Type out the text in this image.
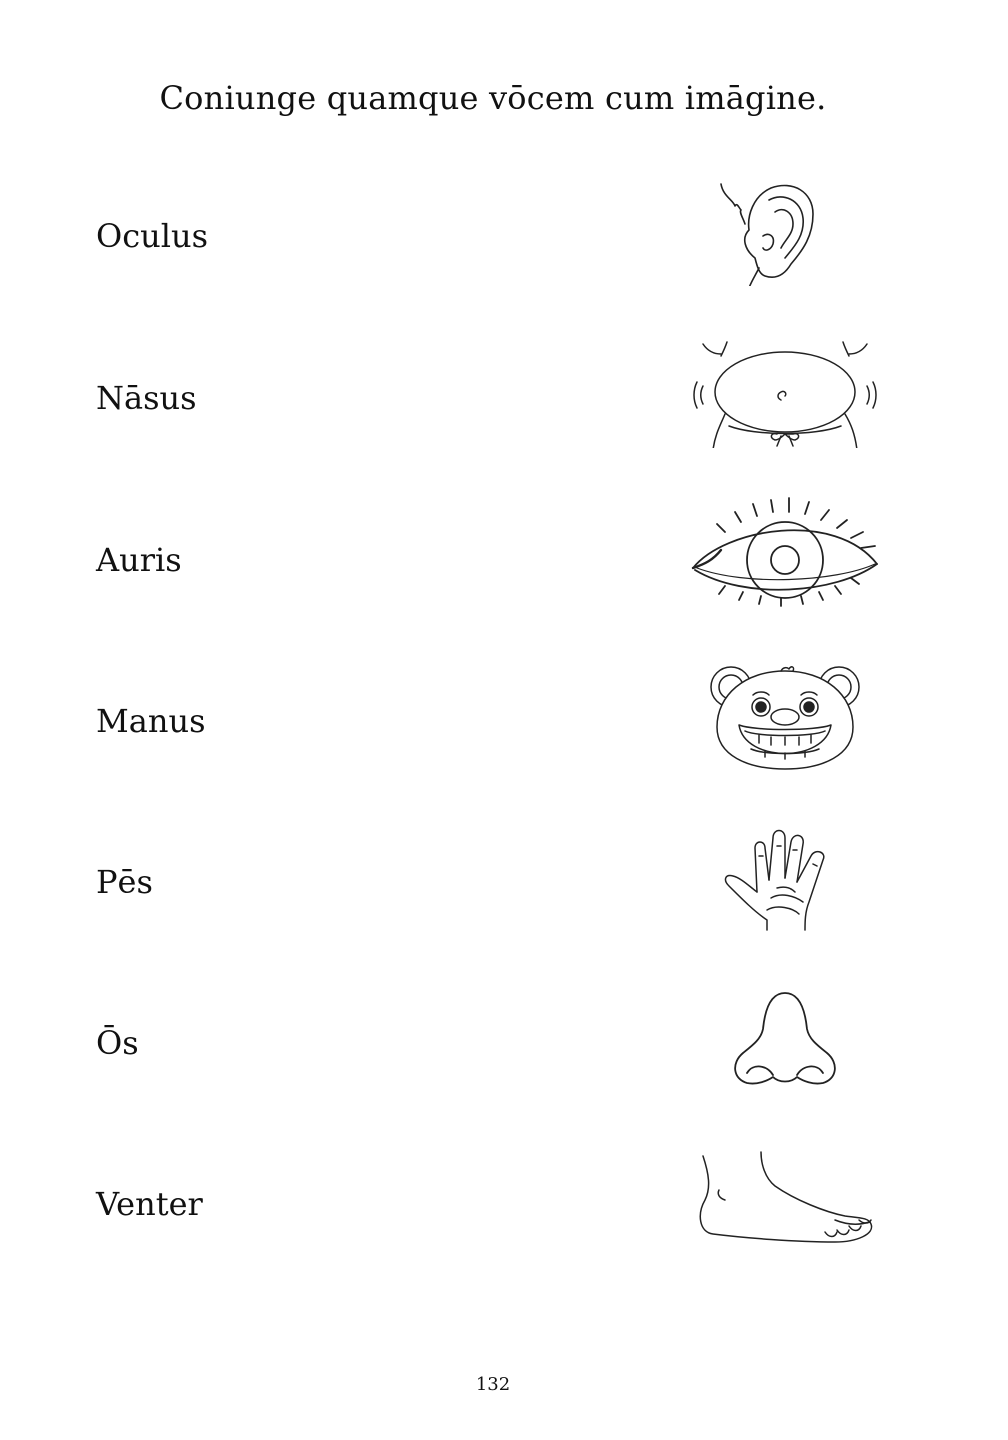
Coniunge quamque vōcem cum imāgine.
Oculus
Nāsus
Auris
Manus
Pēs
Ōs
Venter
132
